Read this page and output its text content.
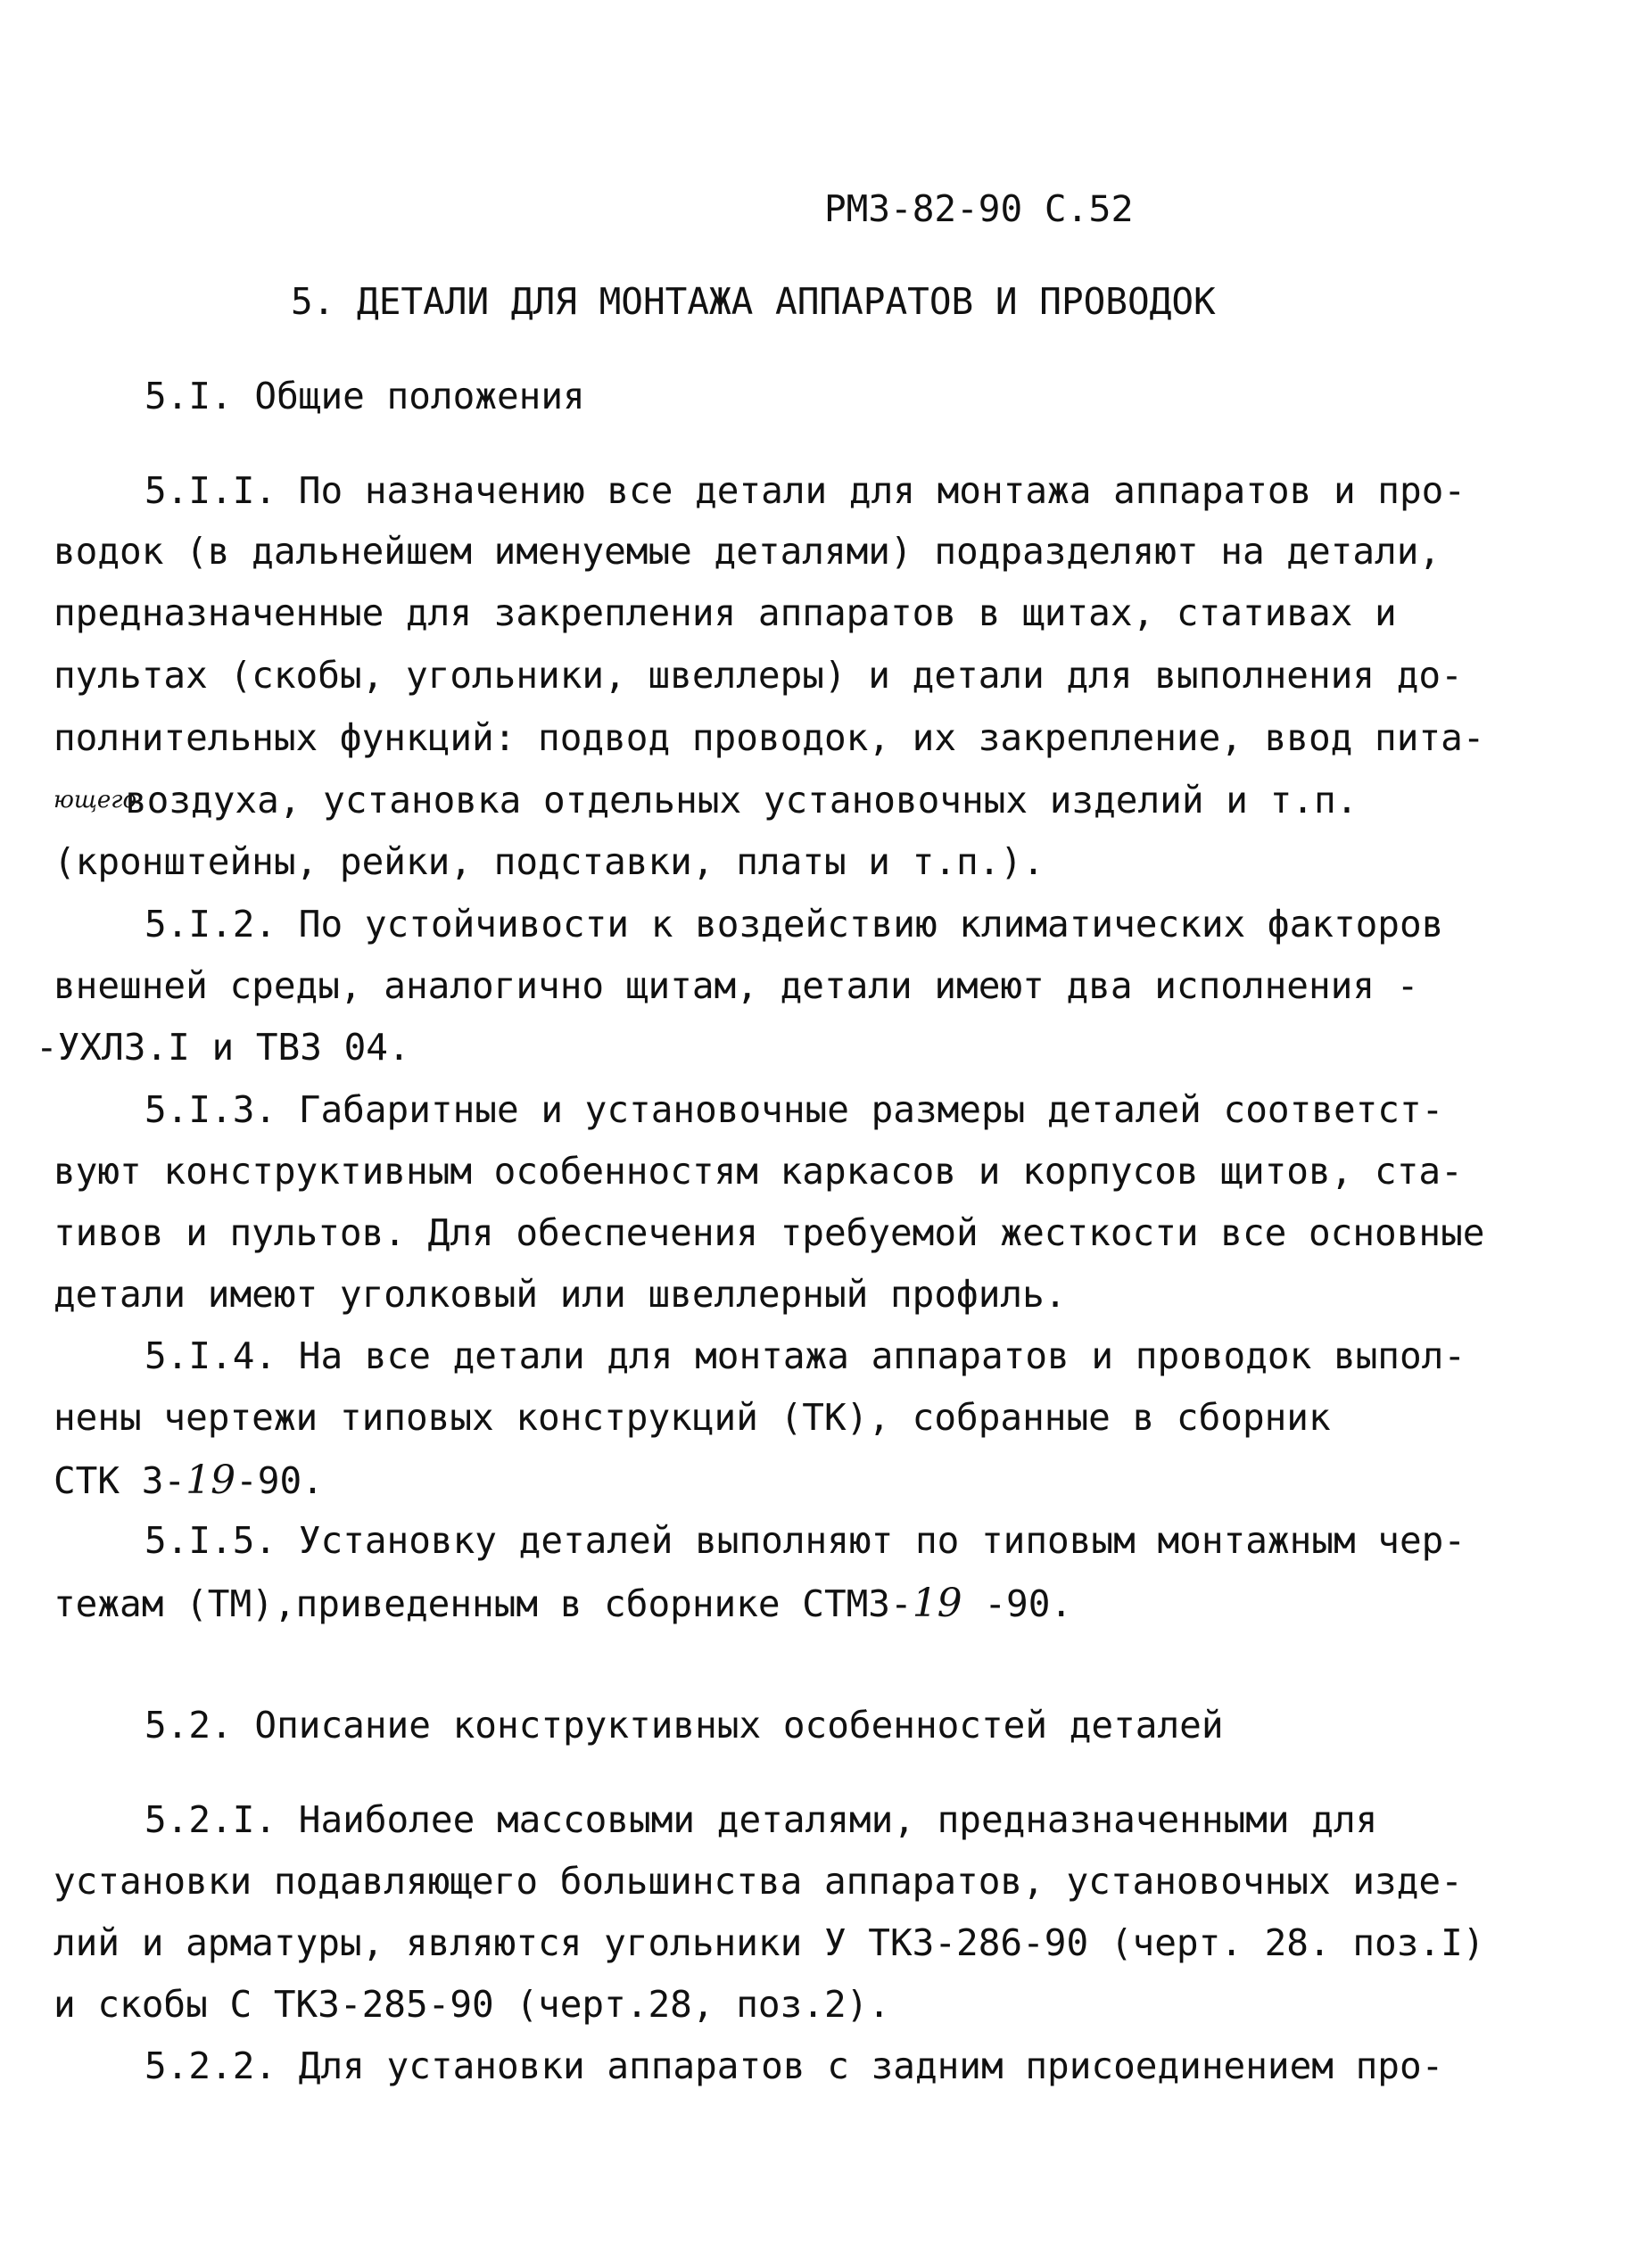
РМЗ-82-90 С.52
5. ДЕТАЛИ ДЛЯ МОНТАЖА АППАРАТОВ И ПРОВОДОК
5.I. Общие положения
5.I.I. По назначению все детали для монтажа аппаратов и про-
водок (в дальнейшем именуемые деталями) подразделяют на детали,
предназначенные для закрепления аппаратов в щитах, стативах и
пультах (скобы, угольники, швеллеры) и детали для выполнения до-
полнительных функций: подвод проводок, их закрепление, ввод пита-
ющего
воздуха, установка отдельных установочных изделий и т.п.
(кронштейны, рейки, подставки, платы и т.п.).
5.I.2. По устойчивости к воздействию климатических факторов
внешней среды, аналогично щитам, детали имеют два исполнения -
-УХЛ3.I и ТВ3 04.
5.I.3. Габаритные и установочные размеры деталей соответст-
вуют конструктивным особенностям каркасов и корпусов щитов, ста-
тивов и пультов. Для обеспечения требуемой жесткости все основные
детали имеют уголковый или швеллерный профиль.
5.I.4. На все детали для монтажа аппаратов и проводок выпол-
нены чертежи типовых конструкций (ТК), собранные в сборник
СТК 3-19-90.
5.I.5. Установку деталей выполняют по типовым монтажным чер-
тежам (ТМ),приведенным в сборнике СТМ3-19 -90.
5.2. Описание конструктивных особенностей деталей
5.2.I. Наиболее массовыми деталями, предназначенными для
установки подавляющего большинства аппаратов, установочных изде-
лий и арматуры, являются угольники У ТК3-286-90 (черт. 28. поз.I)
и скобы С ТК3-285-90 (черт.28, поз.2).
5.2.2. Для установки аппаратов с задним присоединением про-
